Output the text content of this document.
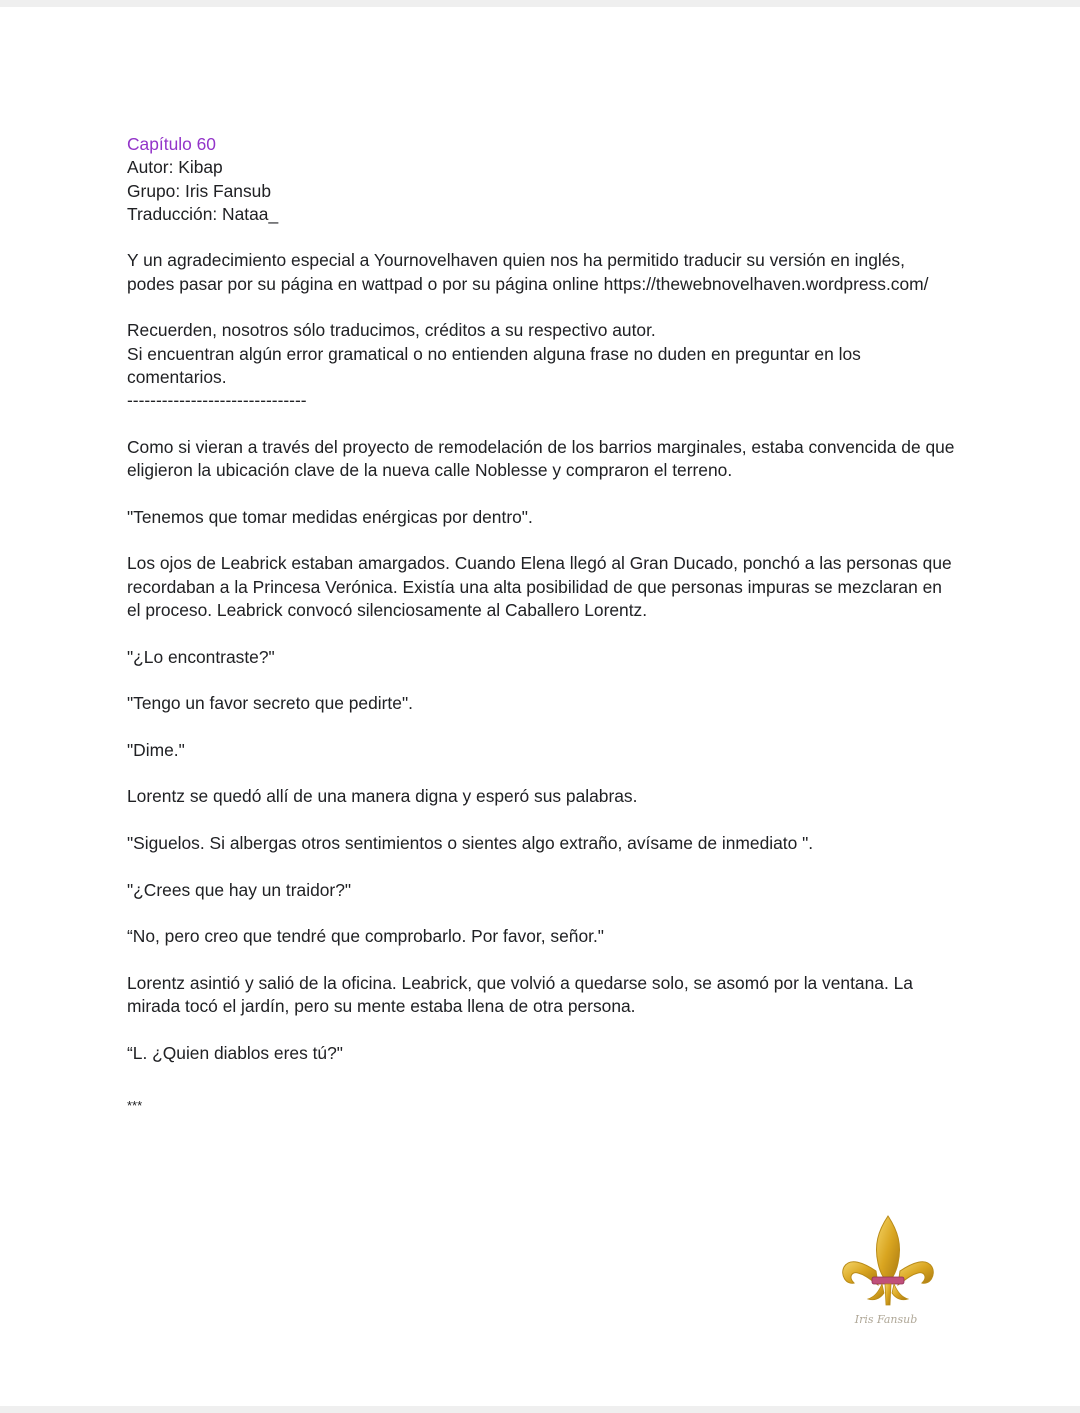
Capítulo 60
Autor: Kibap
Grupo: Iris Fansub
Traducción: Nataa_
Y un agradecimiento especial a Yournovelhaven quien nos ha permitido traducir su versión en inglés,
podes pasar por su página en wattpad o por su página online https://thewebnovelhaven.wordpress.com/
Recuerden, nosotros sólo traducimos, créditos a su respectivo autor.
Si encuentran algún error gramatical o no entienden alguna frase no duden en preguntar en los
comentarios.
-------------------------------
Como si vieran a través del proyecto de remodelación de los barrios marginales, estaba convencida de que eligieron la ubicación clave de la nueva calle Noblesse y compraron el terreno.
"Tenemos que tomar medidas enérgicas por dentro".
Los ojos de Leabrick estaban amargados. Cuando Elena llegó al Gran Ducado, ponchó a las personas que recordaban a la Princesa Verónica. Existía una alta posibilidad de que personas impuras se mezclaran en el proceso. Leabrick convocó silenciosamente al Caballero Lorentz.
"¿Lo encontraste?"
"Tengo un favor secreto que pedirte".
"Dime."
Lorentz se quedó allí de una manera digna y esperó sus palabras.
"Siguelos. Si albergas otros sentimientos o sientes algo extraño, avísame de inmediato ".
"¿Crees que hay un traidor?"
“No, pero creo que tendré que comprobarlo. Por favor, señor."
Lorentz asintió y salió de la oficina. Leabrick, que volvió a quedarse solo, se asomó por la ventana. La mirada tocó el jardín, pero su mente estaba llena de otra persona.
“L. ¿Quien diablos eres tú?"
***
Iris Fansub
